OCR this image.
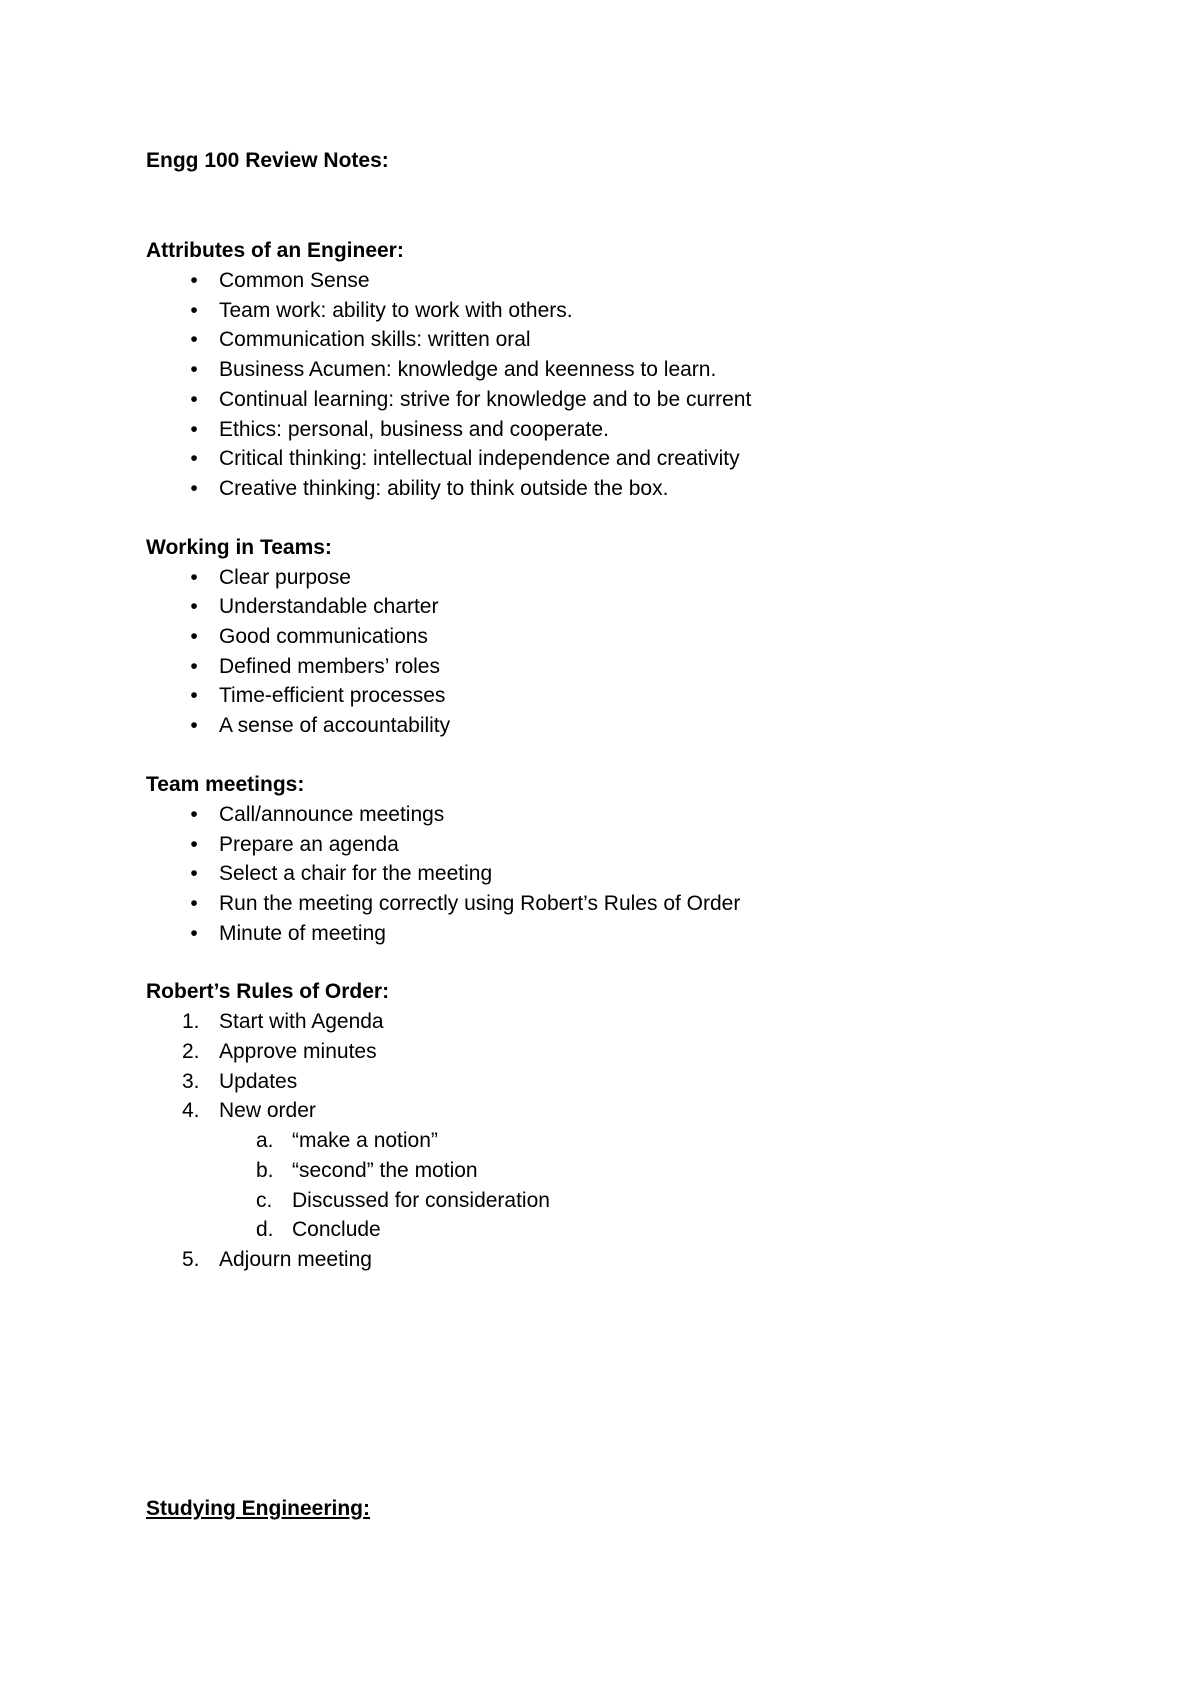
Engg 100 Review Notes:

Attributes of an Engineer:

•	Common Sense
•	Team work: ability to work with others.
•	Communication skills: written oral
•	Business Acumen: knowledge and keenness to learn.
•	Continual learning: strive for knowledge and to be current
•	Ethics: personal, business and cooperate.
•	Critical thinking: intellectual independence and creativity
•	Creative thinking: ability to think outside the box.

Working in Teams:

•	Clear purpose
•	Understandable charter
•	Good communications
•	Defined members’ roles
•	Time-efficient processes
•	A sense of accountability

Team meetings:

•	Call/announce meetings
•	Prepare an agenda
•	Select a chair for the meeting
•	Run the meeting correctly using Robert’s Rules of Order
•	Minute of meeting

Robert’s Rules of Order:

1. Start with Agenda
2. Approve minutes
3. Updates
4. New order
a. “make a notion”
b. “second” the motion
c. Discussed for consideration
d. Conclude
5. Adjourn meeting

Studying Engineering:
